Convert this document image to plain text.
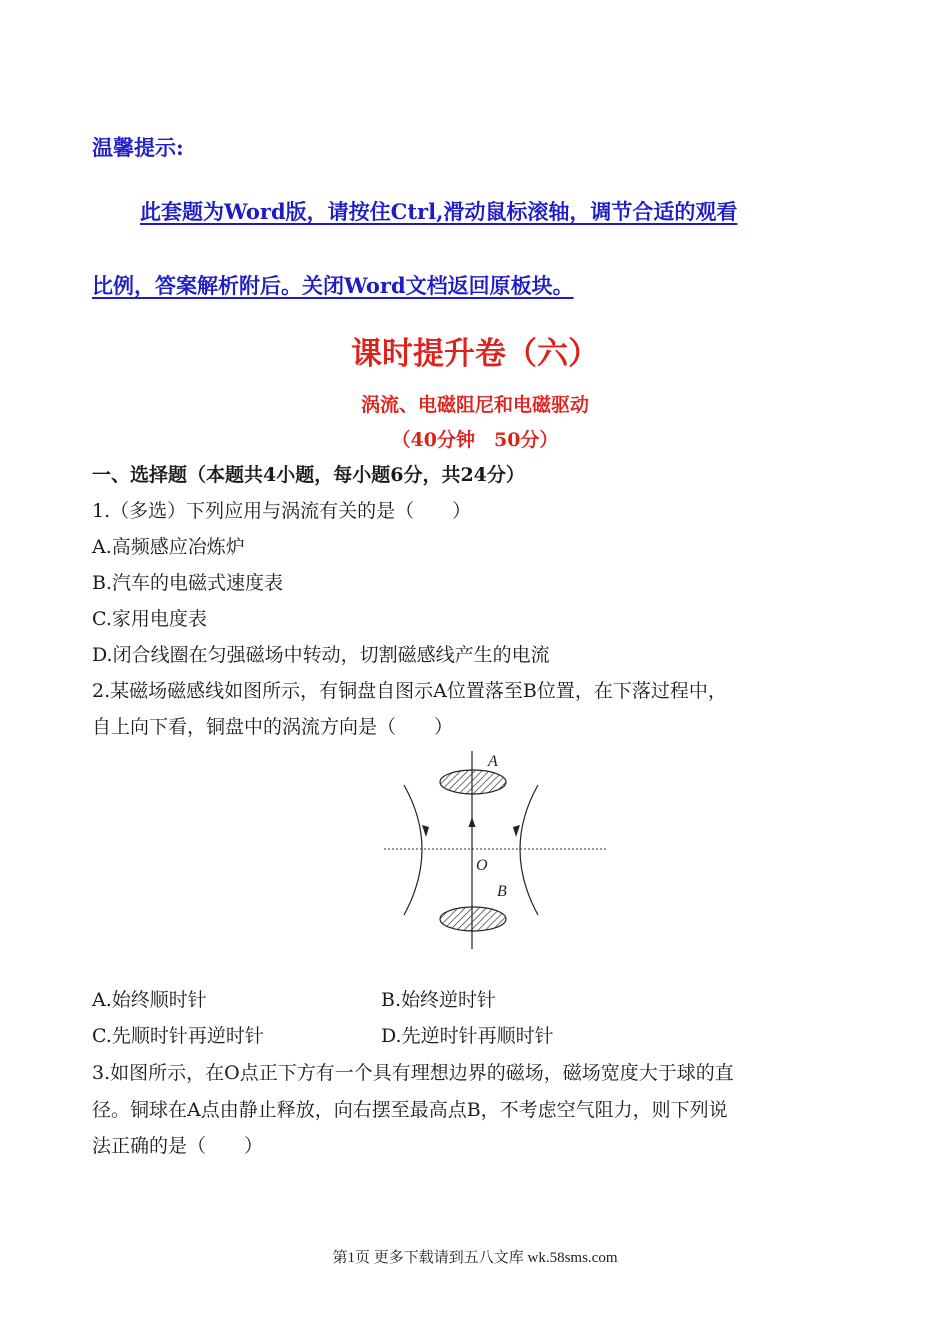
温馨提示:
此套题为Word版，请按住Ctrl,滑动鼠标滚轴，调节合适的观看
比例，答案解析附后。关闭Word文档返回原板块。
课时提升卷（六）
涡流、电磁阻尼和电磁驱动
（40分钟　50分）
一、选择题（本题共4小题，每小题6分，共24分）
1.（多选）下列应用与涡流有关的是（　　）
A.高频感应冶炼炉
B.汽车的电磁式速度表
C.家用电度表
D.闭合线圈在匀强磁场中转动，切割磁感线产生的电流
2.某磁场磁感线如图所示，有铜盘自图示A位置落至B位置，在下落过程中，
自上向下看，铜盘中的涡流方向是（　　）
A
O
B
A.始终顺时针	B.始终逆时针
C.先顺时针再逆时针	D.先逆时针再顺时针
3.如图所示，在O点正下方有一个具有理想边界的磁场，磁场宽度大于球的直
径。铜球在A点由静止释放，向右摆至最高点B，不考虑空气阻力，则下列说
法正确的是（　　）
第1页 更多下载请到五八文库 wk.58sms.com
